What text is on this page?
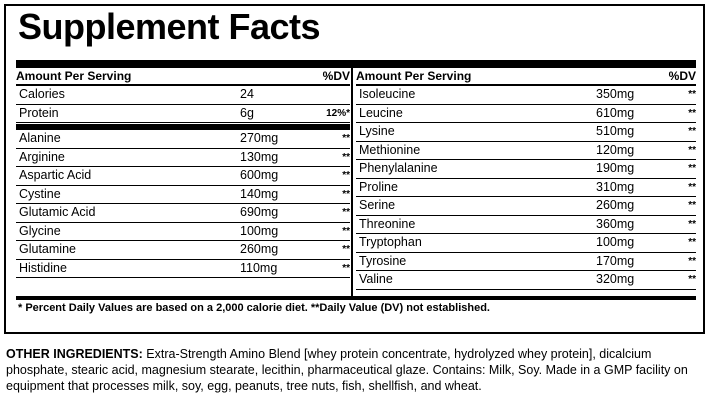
Supplement Facts
Amount Per Serving	%DV
Calories	24
Protein	6g	12%*
Alanine	270mg	**
Arginine	130mg	**
Aspartic Acid	600mg	**
Cystine	140mg	**
Glutamic Acid	690mg	**
Glycine	100mg	**
Glutamine	260mg	**
Histidine	110mg	**
Amount Per Serving	%DV
Isoleucine	350mg	**
Leucine	610mg	**
Lysine	510mg	**
Methionine	120mg	**
Phenylalanine	190mg	**
Proline	310mg	**
Serine	260mg	**
Threonine	360mg	**
Tryptophan	100mg	**
Tyrosine	170mg	**
Valine	320mg	**
* Percent Daily Values are based on a 2,000 calorie diet. **Daily Value (DV) not established.
OTHER INGREDIENTS: Extra-Strength Amino Blend [whey protein concentrate, hydrolyzed whey protein], dicalcium phosphate, stearic acid, magnesium stearate, lecithin, pharmaceutical glaze. Contains: Milk, Soy. Made in a GMP facility on equipment that processes milk, soy, egg, peanuts, tree nuts, fish, shellfish, and wheat.
